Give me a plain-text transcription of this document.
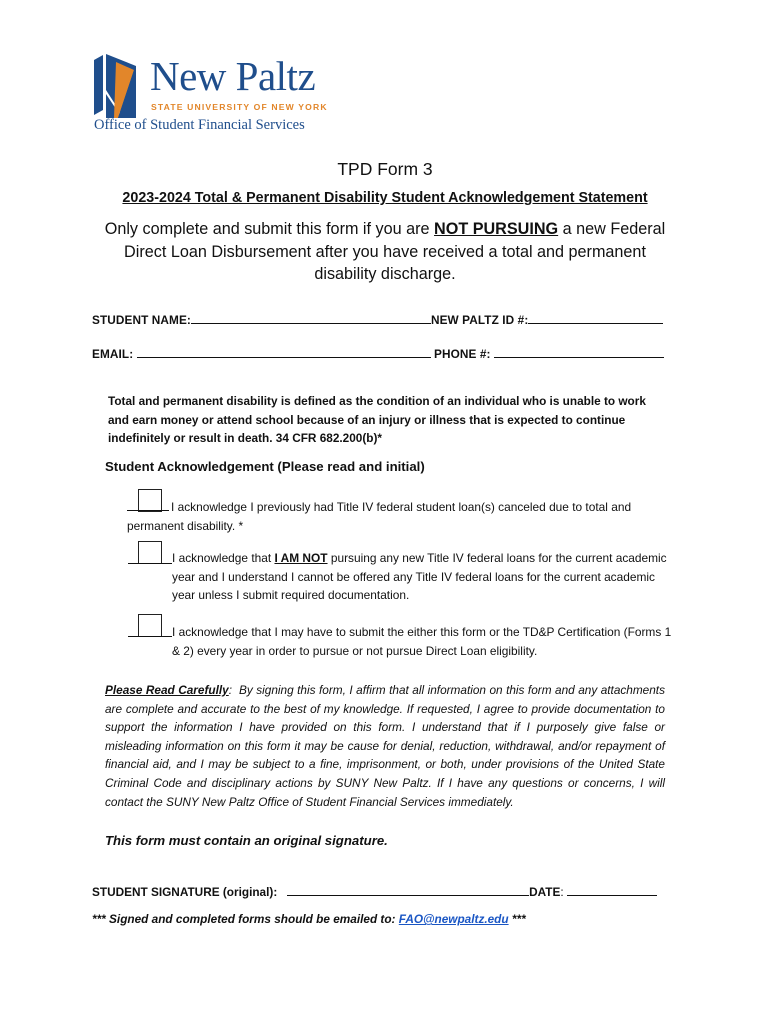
New Paltz
STATE UNIVERSITY OF NEW YORK
Office of Student Financial Services
TPD Form 3
2023-2024 Total & Permanent Disability Student Acknowledgement Statement
Only complete and submit this form if you are NOT PURSUING a new Federal Direct Loan Disbursement after you have received a total and permanent disability discharge.
STUDENT NAME:	NEW PALTZ ID #:
EMAIL:	PHONE #:
Total and permanent disability is defined as the condition of an individual who is unable to work and earn money or attend school because of an injury or illness that is expected to continue indefinitely or result in death. 34 CFR 682.200(b)*
Student Acknowledgement (Please read and initial)
I acknowledge I previously had Title IV federal student loan(s) canceled due to total and permanent disability. *
I acknowledge that I AM NOT pursuing any new Title IV federal loans for the current academic year and I understand I cannot be offered any Title IV federal loans for the current academic year unless I submit required documentation.
I acknowledge that I may have to submit the either this form or the TD&P Certification (Forms 1 & 2) every year in order to pursue or not pursue Direct Loan eligibility.
Please Read Carefully: By signing this form, I affirm that all information on this form and any attachments are complete and accurate to the best of my knowledge. If requested, I agree to provide documentation to support the information I have provided on this form. I understand that if I purposely give false or misleading information on this form it may be cause for denial, reduction, withdrawal, and/or repayment of financial aid, and I may be subject to a fine, imprisonment, or both, under provisions of the United State Criminal Code and disciplinary actions by SUNY New Paltz. If I have any questions or concerns, I will contact the SUNY New Paltz Office of Student Financial Services immediately.
This form must contain an original signature.
STUDENT SIGNATURE (original):	DATE:
*** Signed and completed forms should be emailed to: FAO@newpaltz.edu ***
